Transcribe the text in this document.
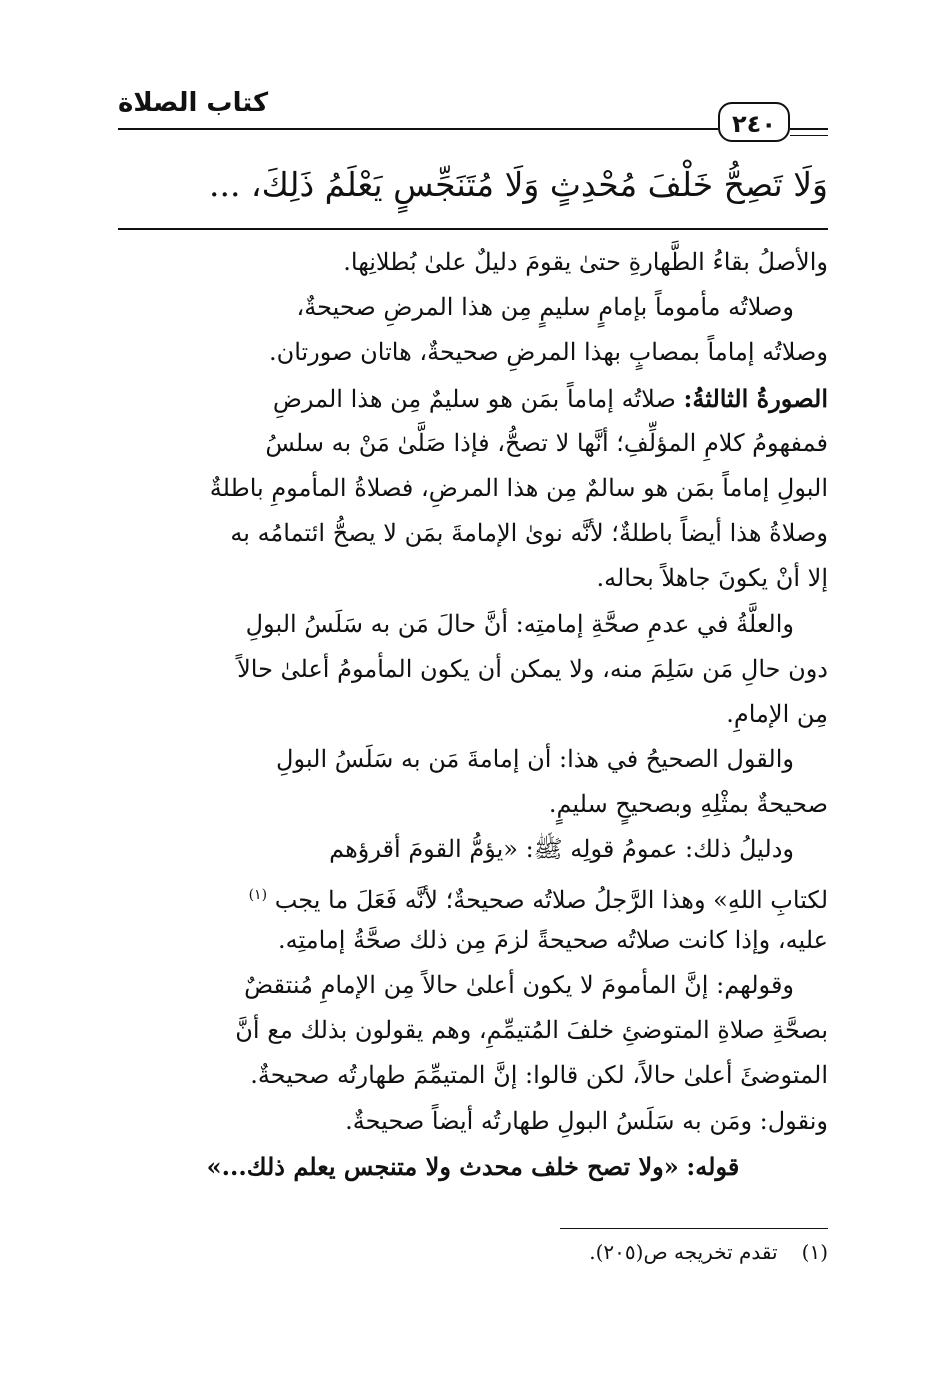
كتاب الصلاة
٢٤٠
وَلَا تَصِحُّ خَلْفَ مُحْدِثٍ وَلَا مُتَنَجِّسٍ يَعْلَمُ ذَلِكَ، ...
والأصلُ بقاءُ الطَّهارةِ حتىٰ يقومَ دليلٌ علىٰ بُطلانِها.
وصلاتُه مأموماً بإمامٍ سليمٍ مِن هذا المرضِ صحيحةٌ،
وصلاتُه إماماً بمصابٍ بهذا المرضِ صحيحةٌ، هاتان صورتان.
الصورةُ الثالثةُ: صلاتُه إماماً بمَن هو سليمٌ مِن هذا المرضِ
فمفهومُ كلامِ المؤلِّفِ؛ أنَّها لا تصحُّ، فإذا صَلَّىٰ مَنْ به سلسُ
البولِ إماماً بمَن هو سالمٌ مِن هذا المرضِ، فصلاةُ المأمومِ باطلةٌ
وصلاةُ هذا أيضاً باطلةٌ؛ لأنَّه نوىٰ الإمامةَ بمَن لا يصحُّ ائتمامُه به
إلا أنْ يكونَ جاهلاً بحاله.
والعلَّةُ في عدمِ صحَّةِ إمامتِه: أنَّ حالَ مَن به سَلَسُ البولِ
دون حالِ مَن سَلِمَ منه، ولا يمكن أن يكون المأمومُ أعلىٰ حالاً
مِن الإمامِ.
والقول الصحيحُ في هذا: أن إمامةَ مَن به سَلَسُ البولِ
صحيحةٌ بمثْلِهِ وبصحيحٍ سليمٍ.
ودليلُ ذلك: عمومُ قولِه ﷺ: «يؤمُّ القومَ أقرؤهم
لكتابِ اللهِ» وهذا الرَّجلُ صلاتُه صحيحةٌ؛ لأنَّه فَعَلَ ما يجب $^{(١)}$
عليه، وإذا كانت صلاتُه صحيحةً لزمَ مِن ذلك صحَّةُ إمامتِه.
وقولهم: إنَّ المأمومَ لا يكون أعلىٰ حالاً مِن الإمامِ مُنتقضٌ
بصحَّةِ صلاةِ المتوضئِ خلفَ المُتيمِّمِ، وهم يقولون بذلك مع أنَّ
المتوضئَ أعلىٰ حالاً، لكن قالوا: إنَّ المتيمِّمَ طهارتُه صحيحةٌ.
ونقول: ومَن به سَلَسُ البولِ طهارتُه أيضاً صحيحةٌ.
قوله: «ولا تصح خلف محدث ولا متنجس يعلم ذلك...»
(١)تقدم تخريجه ص(٢٠٥).
